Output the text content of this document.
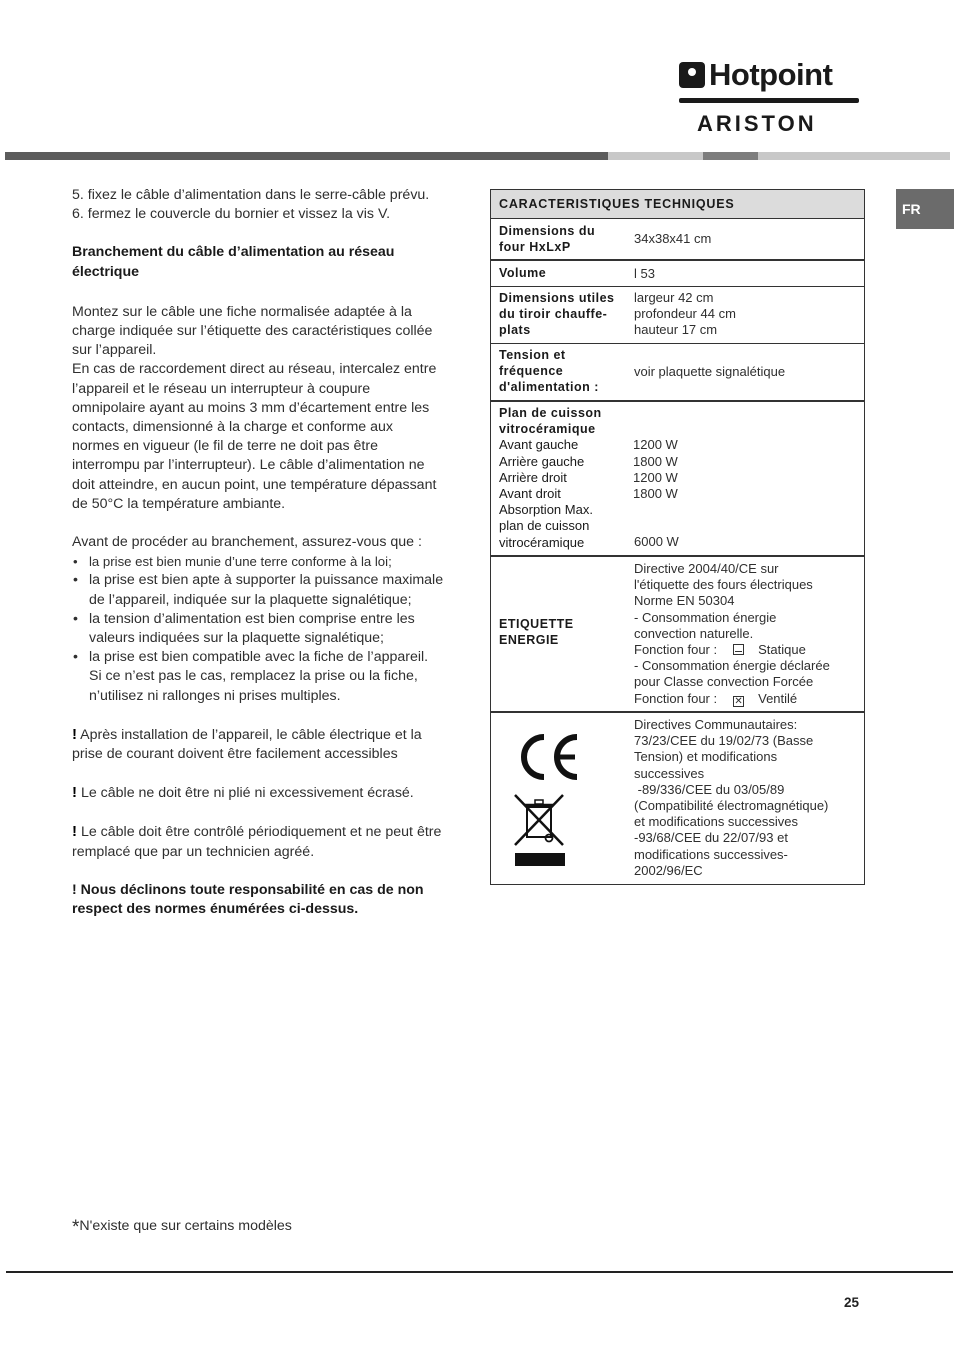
Hotpoint
ARISTON
FR

5. fixez le câble d’alimentation dans le serre-câble prévu.

6. fermez le couvercle du bornier et vissez la vis V.

Branchement du câble d’alimentation au réseau électrique

Montez sur le câble une fiche normalisée adaptée à la charge indiquée sur l’étiquette des caractéristiques collée sur l’appareil.

En cas de raccordement direct au réseau, intercalez entre l’appareil et le réseau un interrupteur à coupure omnipolaire ayant au moins 3 mm d’écartement entre les contacts, dimensionné à la charge et conforme aux normes en vigueur (le fil de terre ne doit pas être interrompu par l’interrupteur). Le câble d’alimentation ne doit atteindre, en aucun point, une température dépassant de 50°C la température ambiante.

Avant de procéder au branchement, assurez-vous que :

• la prise est bien munie d’une terre conforme à la loi;
• la prise est bien apte à supporter la puissance maximale de l’appareil, indiquée sur la plaquette signalétique;
• la tension d’alimentation est bien comprise entre les valeurs indiquées sur la plaquette signalétique;
• la prise est bien compatible avec la fiche de l’appareil. Si ce n’est pas le cas, remplacez la prise ou la fiche, n’utilisez ni rallonges ni prises multiples.

! Après installation de l’appareil, le câble électrique et la prise de courant doivent être facilement accessibles

! Le câble ne doit être ni plié ni excessivement écrasé.

! Le câble doit être contrôlé périodiquement et ne peut être remplacé que par un technicien agréé.

! Nous déclinons toute responsabilité en cas de non respect des normes énumérées ci-dessus.

CARACTERISTIQUES TECHNIQUES
Dimensions du four HxLxP
34x38x41 cm
Volume	l 53
Dimensions utiles du tiroir chauffe-plats
largeur 42 cm
profondeur 44 cm
hauteur 17 cm
Tension et fréquence d'alimentation :
voir plaquette signalétique
Plan de cuisson vitrocéramique
Avant gauche
Arrière gauche
Arrière droit
Avant droit
Absorption Max.
plan de cuisson
vitrocéramique
1200 W
1800 W
1200 W
1800 W
6000 W
ETIQUETTE ENERGIE
Directive 2004/40/CE sur
l'étiquette des fours électriques
Norme EN 50304
- Consommation énergie
convection naturelle.
Fonction four :	Statique
- Consommation énergie déclarée
pour Classe convection Forcée
Fonction four : ✕ Ventilé
Directives Communautaires:
73/23/CEE du 19/02/73 (Basse
Tension) et modifications
successives
-89/336/CEE du 03/05/89
(Compatibilité électromagnétique)
et modifications successives
-93/68/CEE du 22/07/93 et
modifications successives-
2002/96/EC
*N'existe que sur certains modèles
25
